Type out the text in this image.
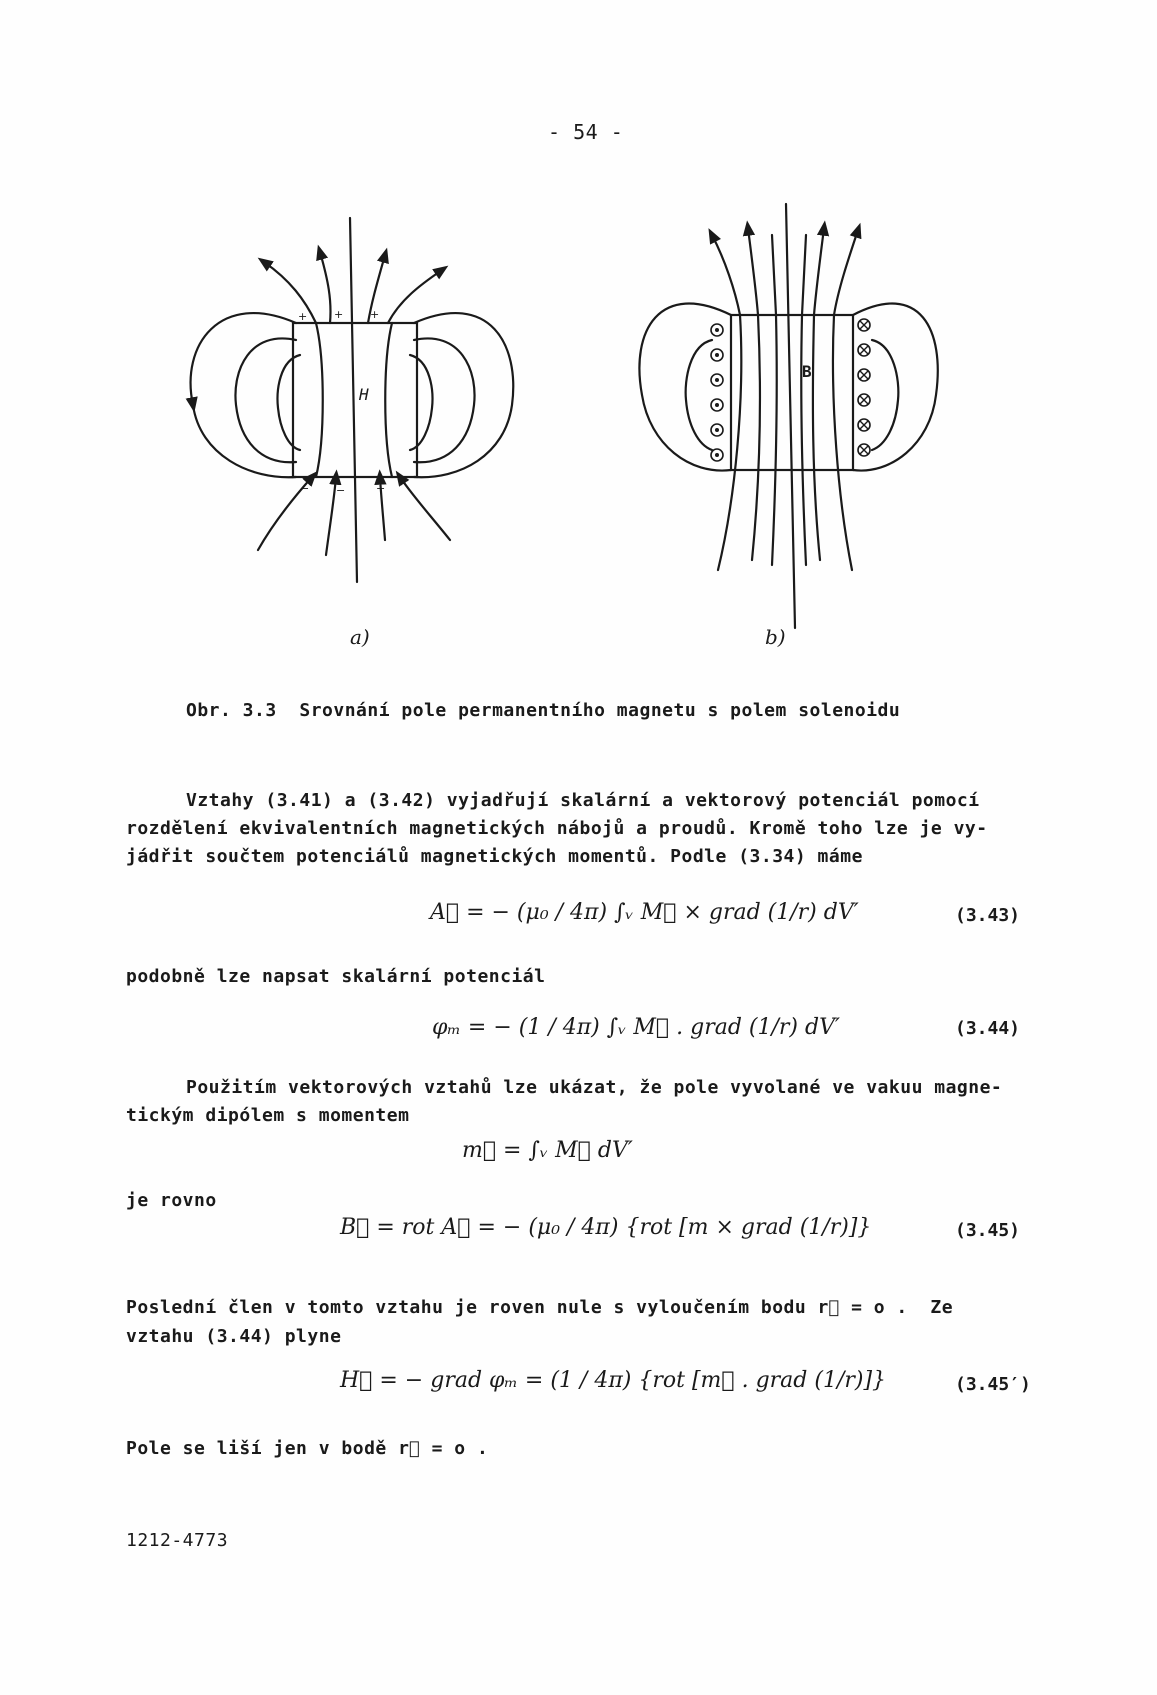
- 54 -
+ + +
− −	−
H
B
a)	b)
Obr. 3.3  Srovnání pole permanentního magnetu s polem solenoidu
Vztahy (3.41) a (3.42) vyjadřují skalární a vektorový potenciál pomocí
rozdělení ekvivalentních magnetických nábojů a proudů. Kromě toho lze je vy-
jádřit součtem potenciálů magnetických momentů. Podle (3.34) máme
A⃗ = − (μ₀ / 4π) ∫ᵥ M⃗ × grad (1/r) dV′	(3.43)
podobně lze napsat skalární potenciál
φₘ = − (1 / 4π) ∫ᵥ M⃗ . grad (1/r) dV′	(3.44)
Použitím vektorových vztahů lze ukázat, že pole vyvolané ve vakuu magne-
tickým dipólem s momentem
m⃗ = ∫ᵥ M⃗ dV′
je rovno
B⃗ = rot A⃗ = − (μ₀ / 4π) {rot [m × grad (1/r)]}	(3.45)
Poslední člen v tomto vztahu je roven nule s vyloučením bodu r⃗ = o .  Ze
vztahu (3.44) plyne
H⃗ = − grad φₘ = (1 / 4π) {rot [m⃗ . grad (1/r)]}	(3.45′)
Pole se liší jen v bodě r⃗ = o .
1212-4773
